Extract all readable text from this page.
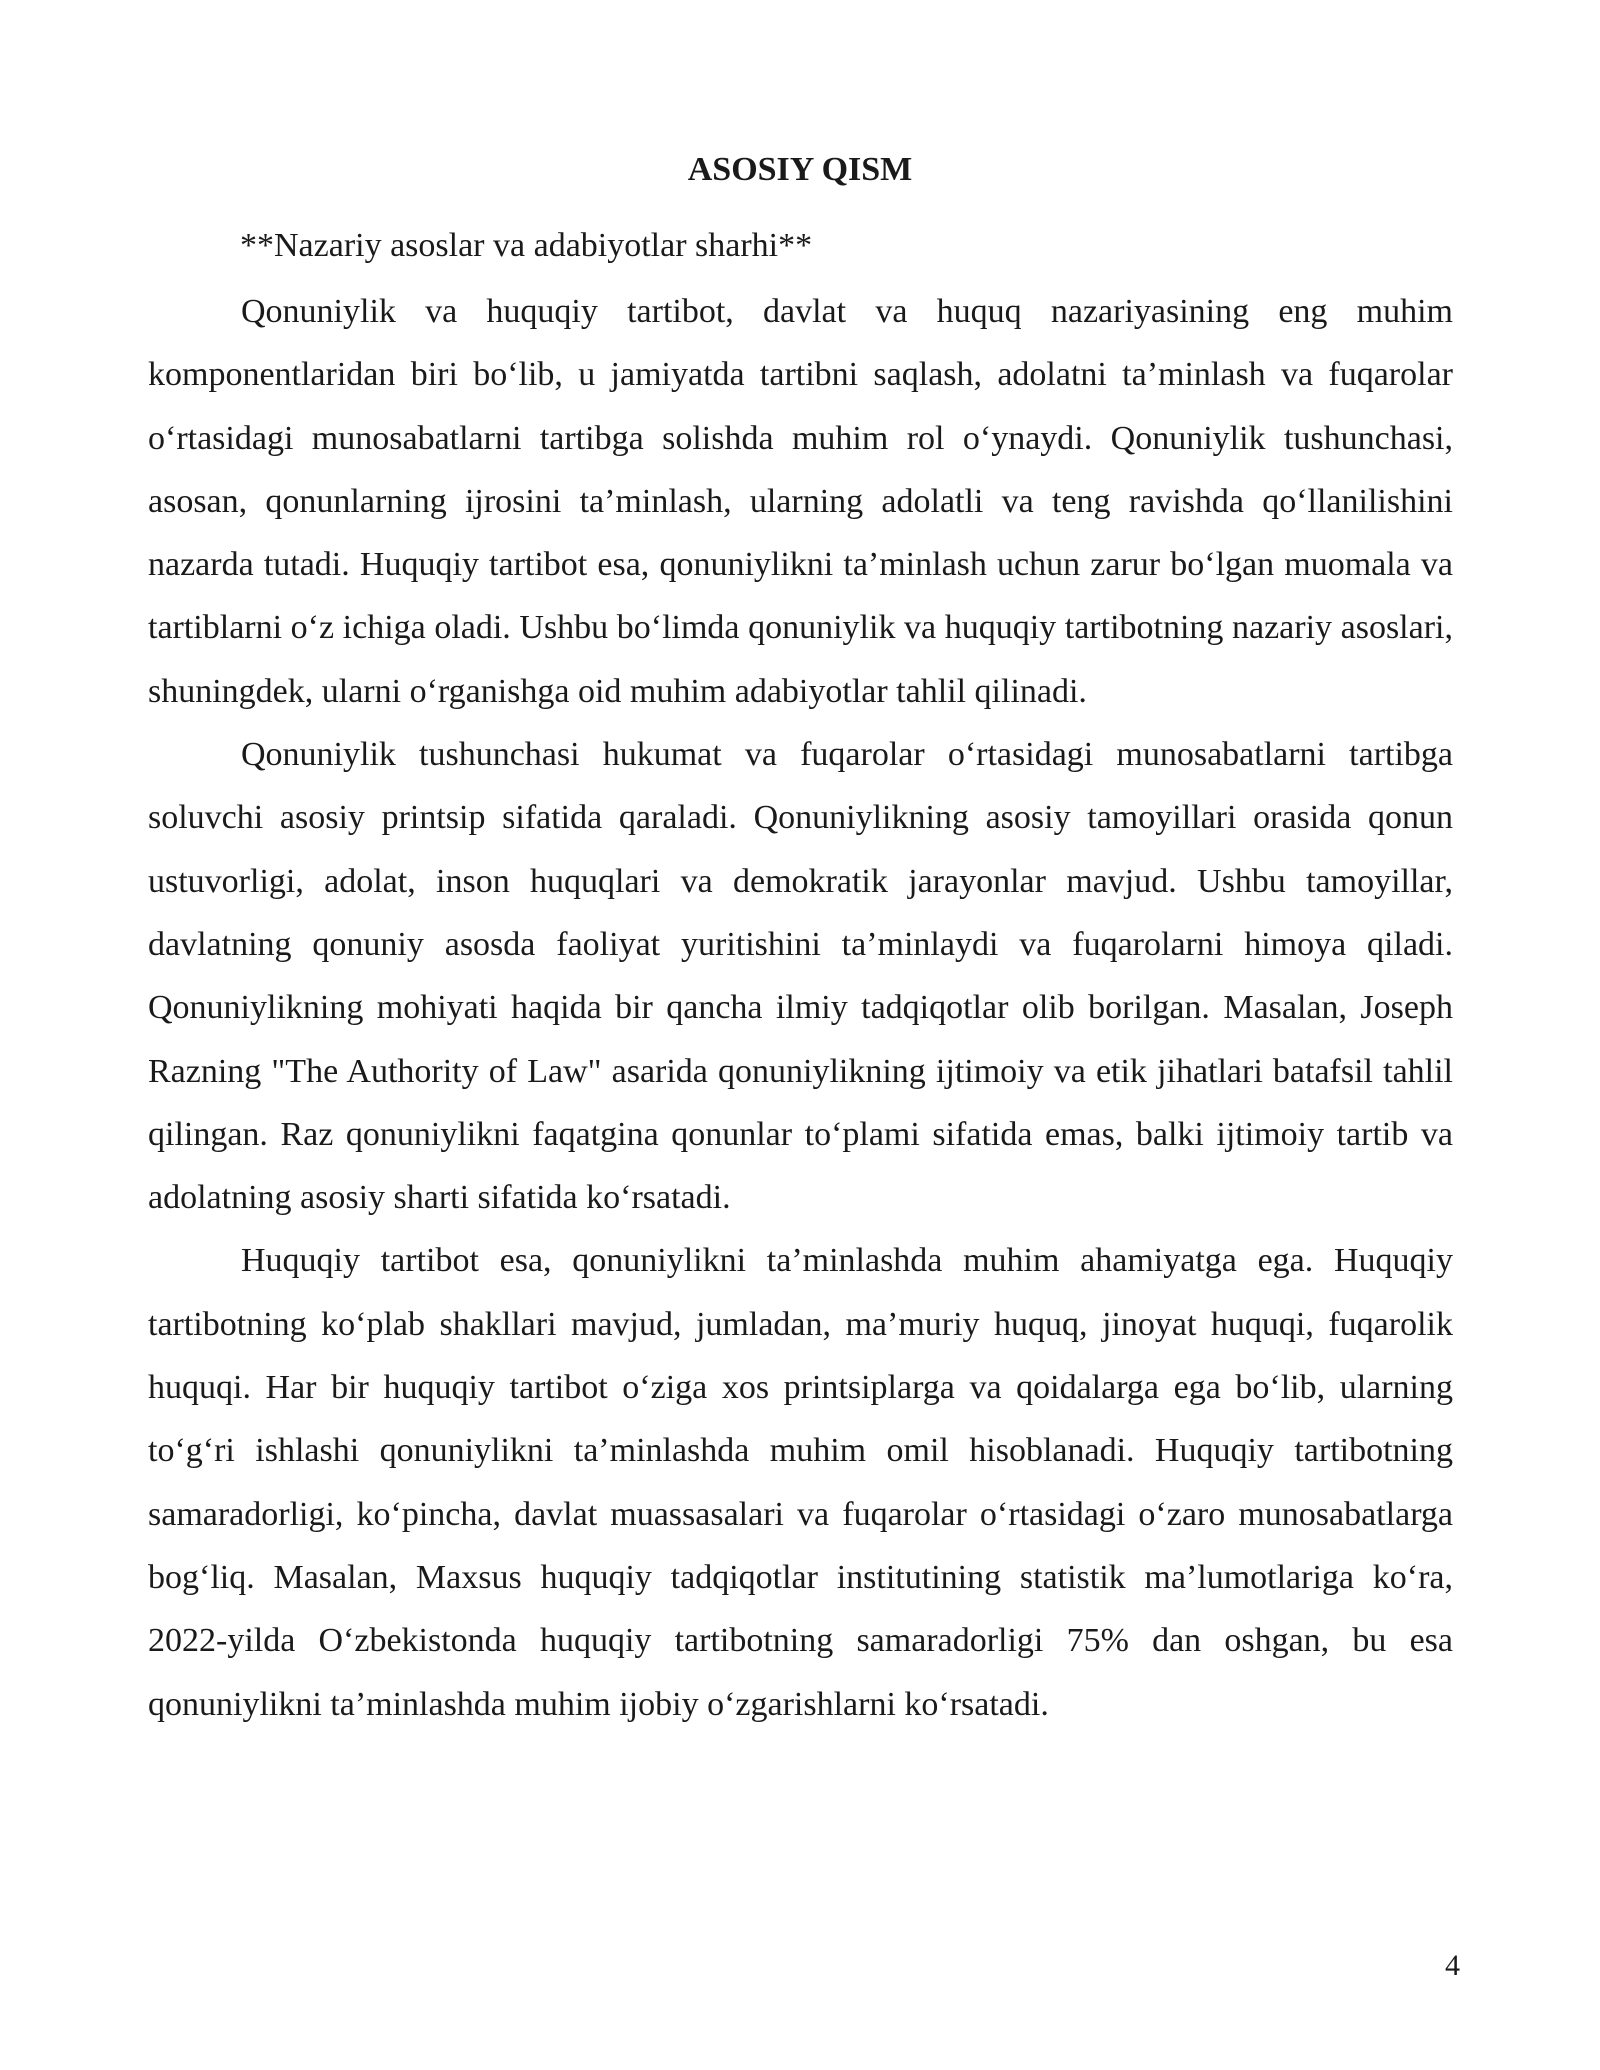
ASOSIY QISM
**Nazariy asoslar va adabiyotlar sharhi**

Qonuniylik va huquqiy tartibot, davlat va huquq nazariyasining eng muhim komponentlaridan biri bo‘lib, u jamiyatda tartibni saqlash, adolatni ta’minlash va fuqarolar o‘rtasidagi munosabatlarni tartibga solishda muhim rol o‘ynaydi. Qonuniylik tushunchasi, asosan, qonunlarning ijrosini ta’minlash, ularning adolatli va teng ravishda qo‘llanilishini nazarda tutadi. Huquqiy tartibot esa, qonuniylikni ta’minlash uchun zarur bo‘lgan muomala va tartiblarni o‘z ichiga oladi. Ushbu bo‘limda qonuniylik va huquqiy tartibotning nazariy asoslari, shuningdek, ularni o‘rganishga oid muhim adabiyotlar tahlil qilinadi.

Qonuniylik tushunchasi hukumat va fuqarolar o‘rtasidagi munosabatlarni tartibga soluvchi asosiy printsip sifatida qaraladi. Qonuniylikning asosiy tamoyillari orasida qonun ustuvorligi, adolat, inson huquqlari va demokratik jarayonlar mavjud. Ushbu tamoyillar, davlatning qonuniy asosda faoliyat yuritishini ta’minlaydi va fuqarolarni himoya qiladi. Qonuniylikning mohiyati haqida bir qancha ilmiy tadqiqotlar olib borilgan. Masalan, Joseph Razning "The Authority of Law" asarida qonuniylikning ijtimoiy va etik jihatlari batafsil tahlil qilingan. Raz qonuniylikni faqatgina qonunlar to‘plami sifatida emas, balki ijtimoiy tartib va adolatning asosiy sharti sifatida ko‘rsatadi.

Huquqiy tartibot esa, qonuniylikni ta’minlashda muhim ahamiyatga ega. Huquqiy tartibotning ko‘plab shakllari mavjud, jumladan, ma’muriy huquq, jinoyat huquqi, fuqarolik huquqi. Har bir huquqiy tartibot o‘ziga xos printsiplarga va qoidalarga ega bo‘lib, ularning to‘g‘ri ishlashi qonuniylikni ta’minlashda muhim omil hisoblanadi. Huquqiy tartibotning samaradorligi, ko‘pincha, davlat muassasalari va fuqarolar o‘rtasidagi o‘zaro munosabatlarga bog‘liq. Masalan, Maxsus huquqiy tadqiqotlar institutining statistik ma’lumotlariga ko‘ra, 2022-yilda O‘zbekistonda huquqiy tartibotning samaradorligi 75% dan oshgan, bu esa qonuniylikni ta’minlashda muhim ijobiy o‘zgarishlarni ko‘rsatadi.

4
